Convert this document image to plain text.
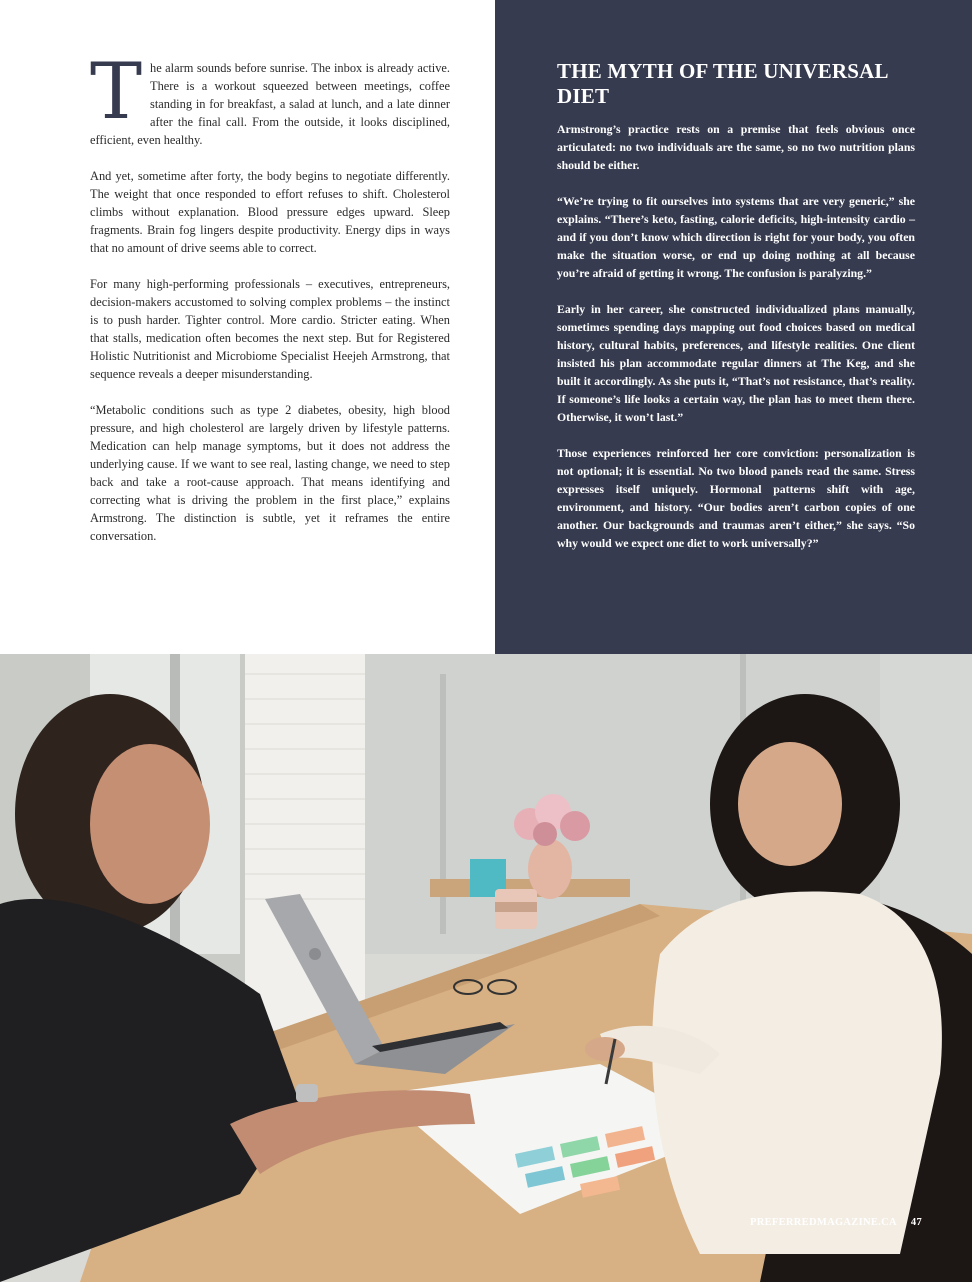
The alarm sounds before sunrise. The inbox is already active. There is a workout squeezed between meetings, coffee standing in for breakfast, a salad at lunch, and a late dinner after the final call. From the outside, it looks disciplined, efficient, even healthy.

And yet, sometime after forty, the body begins to negotiate differently. The weight that once responded to effort refuses to shift. Cholesterol climbs without explanation. Blood pressure edges upward. Sleep fragments. Brain fog lingers despite productivity. Energy dips in ways that no amount of drive seems able to correct.

For many high-performing professionals – executives, entrepreneurs, decision-makers accustomed to solving complex problems – the instinct is to push harder. Tighter control. More cardio. Stricter eating. When that stalls, medication often becomes the next step. But for Registered Holistic Nutritionist and Microbiome Specialist Heejeh Armstrong, that sequence reveals a deeper misunderstanding.

“Metabolic conditions such as type 2 diabetes, obesity, high blood pressure, and high cholesterol are largely driven by lifestyle patterns. Medication can help manage symptoms, but it does not address the underlying cause. If we want to see real, lasting change, we need to step back and take a root-cause approach. That means identifying and correcting what is driving the problem in the first place,” explains Armstrong. The distinction is subtle, yet it reframes the entire conversation.

THE MYTH OF THE UNIVERSAL DIET

Armstrong’s practice rests on a premise that feels obvious once articulated: no two individuals are the same, so no two nutrition plans should be either.

“We’re trying to fit ourselves into systems that are very generic,” she explains. “There’s keto, fasting, calorie deficits, high-intensity cardio – and if you don’t know which direction is right for your body, you often make the situation worse, or end up doing nothing at all because you’re afraid of getting it wrong. The confusion is paralyzing.”

Early in her career, she constructed individualized plans manually, sometimes spending days mapping out food choices based on medical history, cultural habits, preferences, and lifestyle realities. One client insisted his plan accommodate regular dinners at The Keg, and she built it accordingly. As she puts it, “That’s not resistance, that’s reality. If someone’s life looks a certain way, the plan has to meet them there. Otherwise, it won’t last.”

Those experiences reinforced her core conviction: personalization is not optional; it is essential. No two blood panels read the same. Stress expresses itself uniquely. Hormonal patterns shift with age, environment, and history. “Our bodies aren’t carbon copies of one another. Our backgrounds and traumas aren’t either,” she says. “So why would we expect one diet to work universally?”

PREFERREDMAGAZINE.CA 47
